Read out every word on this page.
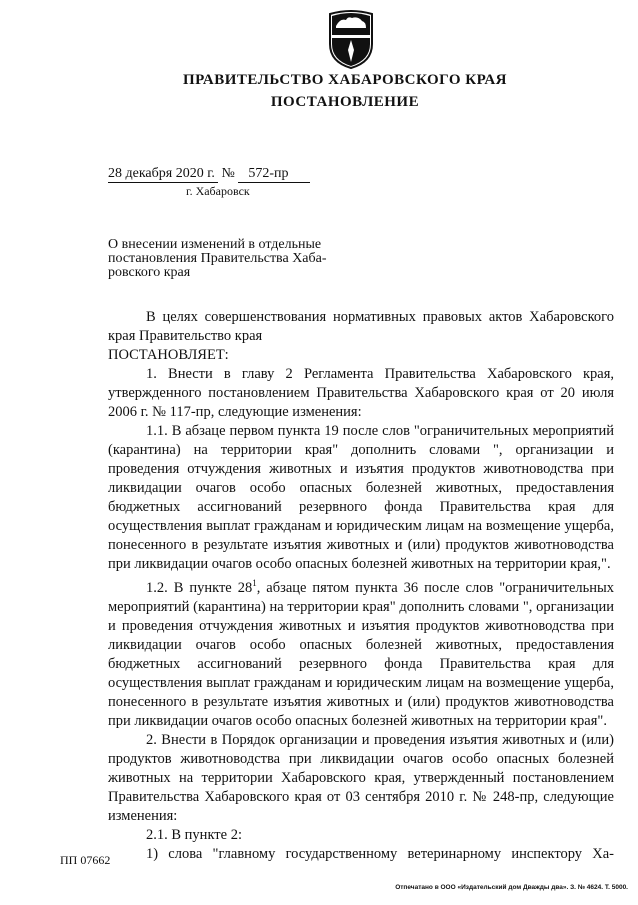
ПРАВИТЕЛЬСТВО ХАБАРОВСКОГО КРАЯ
ПОСТАНОВЛЕНИЕ
28 декабря 2020 г. № 572-пр
г. Хабаровск
О внесении изменений в отдельные
постановления Правительства Хаба-
ровского края

В целях совершенствования нормативных правовых актов Хабаровского края Правительство края

ПОСТАНОВЛЯЕТ:

1. Внести в главу 2 Регламента Правительства Хабаровского края, утвержденного постановлением Правительства Хабаровского края от 20 июля 2006 г. № 117-пр, следующие изменения:

1.1. В абзаце первом пункта 19 после слов "ограничительных мероприятий (карантина) на территории края" дополнить словами ", организации и проведения отчуждения животных и изъятия продуктов животноводства при ликвидации очагов особо опасных болезней животных, предоставления бюджетных ассигнований резервного фонда Правительства края для осуществления выплат гражданам и юридическим лицам на возмещение ущерба, понесенного в результате изъятия животных и (или) продуктов животноводства при ликвидации очагов особо опасных болезней животных на территории края,".

1.2. В пункте $28^1$, абзаце пятом пункта 36 после слов "ограничительных мероприятий (карантина) на территории края" дополнить словами ", организации и проведения отчуждения животных и изъятия продуктов животноводства при ликвидации очагов особо опасных болезней животных, предоставления бюджетных ассигнований резервного фонда Правительства края для осуществления выплат гражданам и юридическим лицам на возмещение ущерба, понесенного в результате изъятия животных и (или) продуктов животноводства при ликвидации очагов особо опасных болезней животных на территории края".

2. Внести в Порядок организации и проведения изъятия животных и (или) продуктов животноводства при ликвидации очагов особо опасных болезней животных на территории Хабаровского края, утвержденный постановлением Правительства Хабаровского края от 03 сентября 2010 г. № 248-пр, следующие изменения:

2.1. В пункте 2:

1) слова "главному государственному ветеринарному инспектору Ха-

ПП 07662
Отпечатано в ООО «Издательский дом Дважды два». З. № 4624. Т. 5000.
